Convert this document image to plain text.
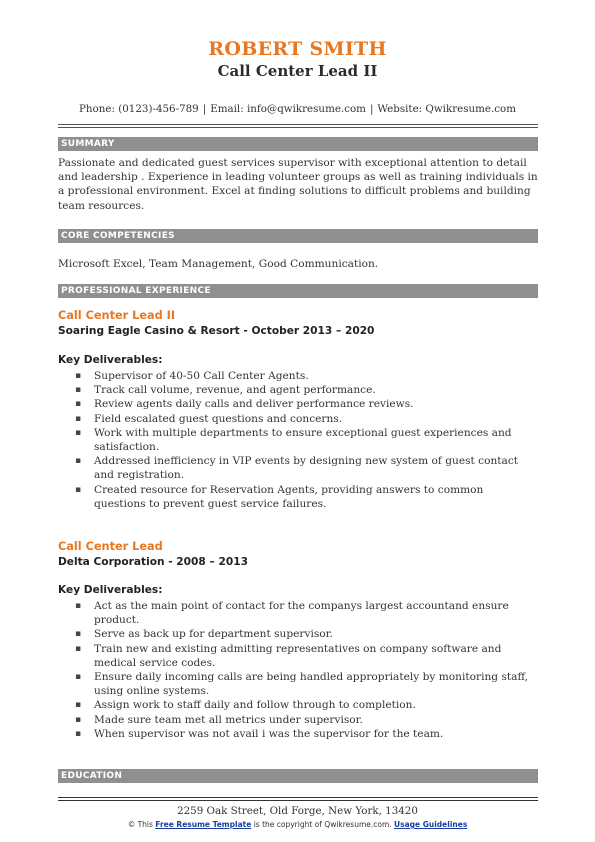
ROBERT SMITH
Call Center Lead II
Phone: (0123)-456-789 | Email: info@qwikresume.com | Website: Qwikresume.com
SUMMARY
Passionate and dedicated guest services supervisor with exceptional attention to detail and leadership . Experience in leading volunteer groups as well as training individuals in a professional environment. Excel at finding solutions to difficult problems and building team resources.
CORE COMPETENCIES
Microsoft Excel, Team Management, Good Communication.
PROFESSIONAL EXPERIENCE
Call Center Lead II
Soaring Eagle Casino & Resort - October 2013 – 2020
Key Deliverables:
▪ Supervisor of 40-50 Call Center Agents.
▪ Track call volume, revenue, and agent performance.
▪ Review agents daily calls and deliver performance reviews.
▪ Field escalated guest questions and concerns.
▪ Work with multiple departments to ensure exceptional guest experiences and satisfaction.
▪ Addressed inefficiency in VIP events by designing new system of guest contact and registration.
▪ Created resource for Reservation Agents, providing answers to common questions to prevent guest service failures.
Call Center Lead
Delta Corporation - 2008 – 2013
Key Deliverables:
▪ Act as the main point of contact for the companys largest accountand ensure product.
▪ Serve as back up for department supervisor.
▪ Train new and existing admitting representatives on company software and medical service codes.
▪ Ensure daily incoming calls are being handled appropriately by monitoring staff, using online systems.
▪ Assign work to staff daily and follow through to completion.
▪ Made sure team met all metrics under supervisor.
▪ When supervisor was not avail i was the supervisor for the team.
EDUCATION
2259 Oak Street, Old Forge, New York, 13420
© This Free Resume Template is the copyright of Qwikresume.com. Usage Guidelines
